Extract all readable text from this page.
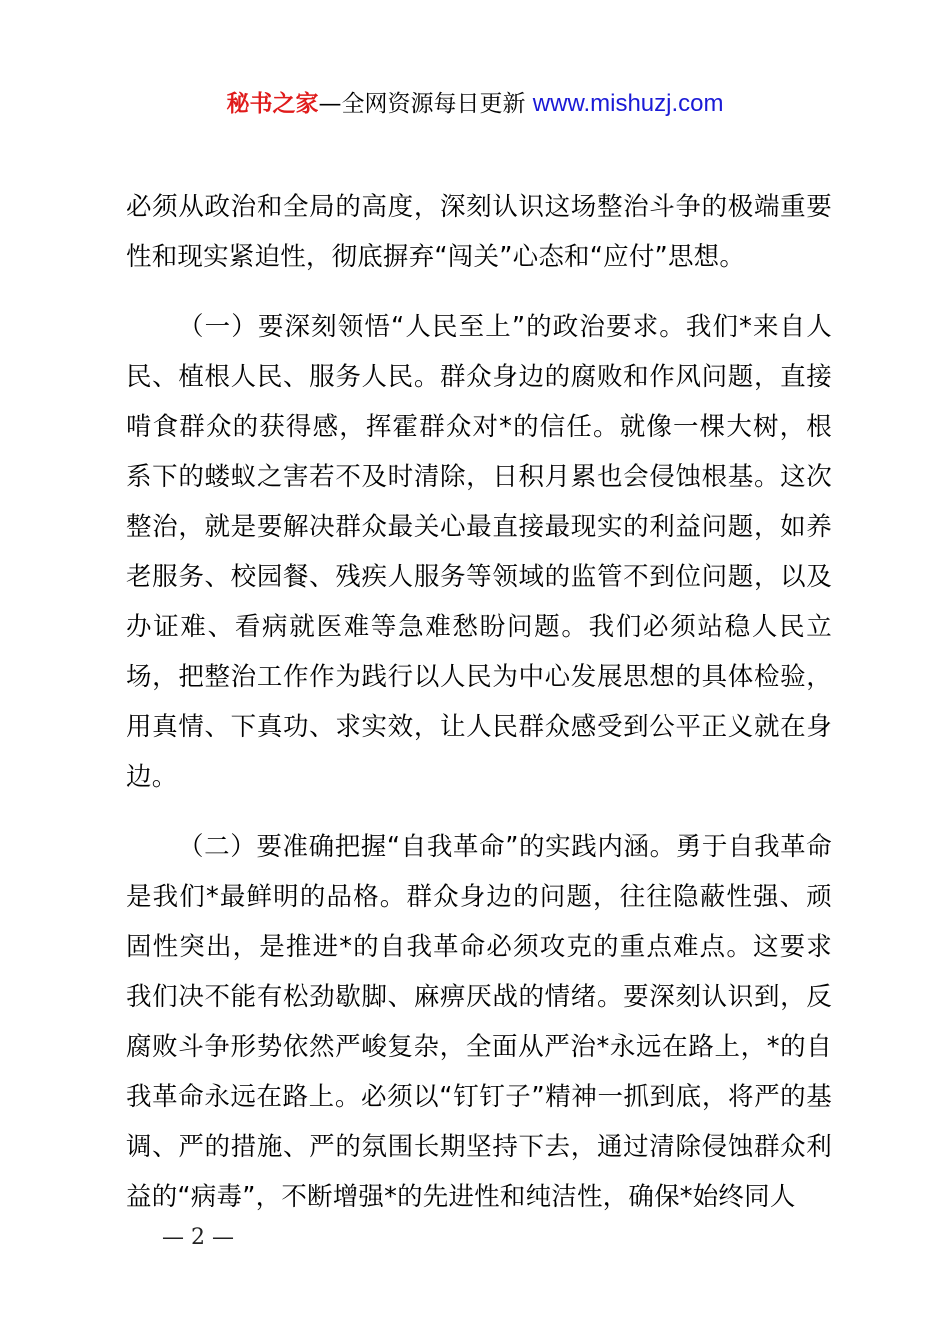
秘书之家—全网资源每日更新 www.mishuzj.com

必须从政治和全局的高度，深刻认识这场整治斗争的极端重要性和现实紧迫性，彻底摒弃“闯关”心态和“应付”思想。

（一）要深刻领悟“人民至上”的政治要求。我们*来自人民、植根人民、服务人民。群众身边的腐败和作风问题，直接啃食群众的获得感，挥霍群众对*的信任。就像一棵大树，根系下的蝼蚁之害若不及时清除，日积月累也会侵蚀根基。这次整治，就是要解决群众最关心最直接最现实的利益问题，如养老服务、校园餐、残疾人服务等领域的监管不到位问题，以及办证难、看病就医难等急难愁盼问题。我们必须站稳人民立场，把整治工作作为践行以人民为中心发展思想的具体检验，用真情、下真功、求实效，让人民群众感受到公平正义就在身边。

（二）要准确把握“自我革命”的实践内涵。勇于自我革命是我们*最鲜明的品格。群众身边的问题，往往隐蔽性强、顽固性突出，是推进*的自我革命必须攻克的重点难点。这要求我们决不能有松劲歇脚、麻痹厌战的情绪。要深刻认识到，反腐败斗争形势依然严峻复杂，全面从严治*永远在路上，*的自我革命永远在路上。必须以“钉钉子”精神一抓到底，将严的基调、严的措施、严的氛围长期坚持下去，通过清除侵蚀群众利益的“病毒”，不断增强*的先进性和纯洁性，确保*始终同人

— 2 —
